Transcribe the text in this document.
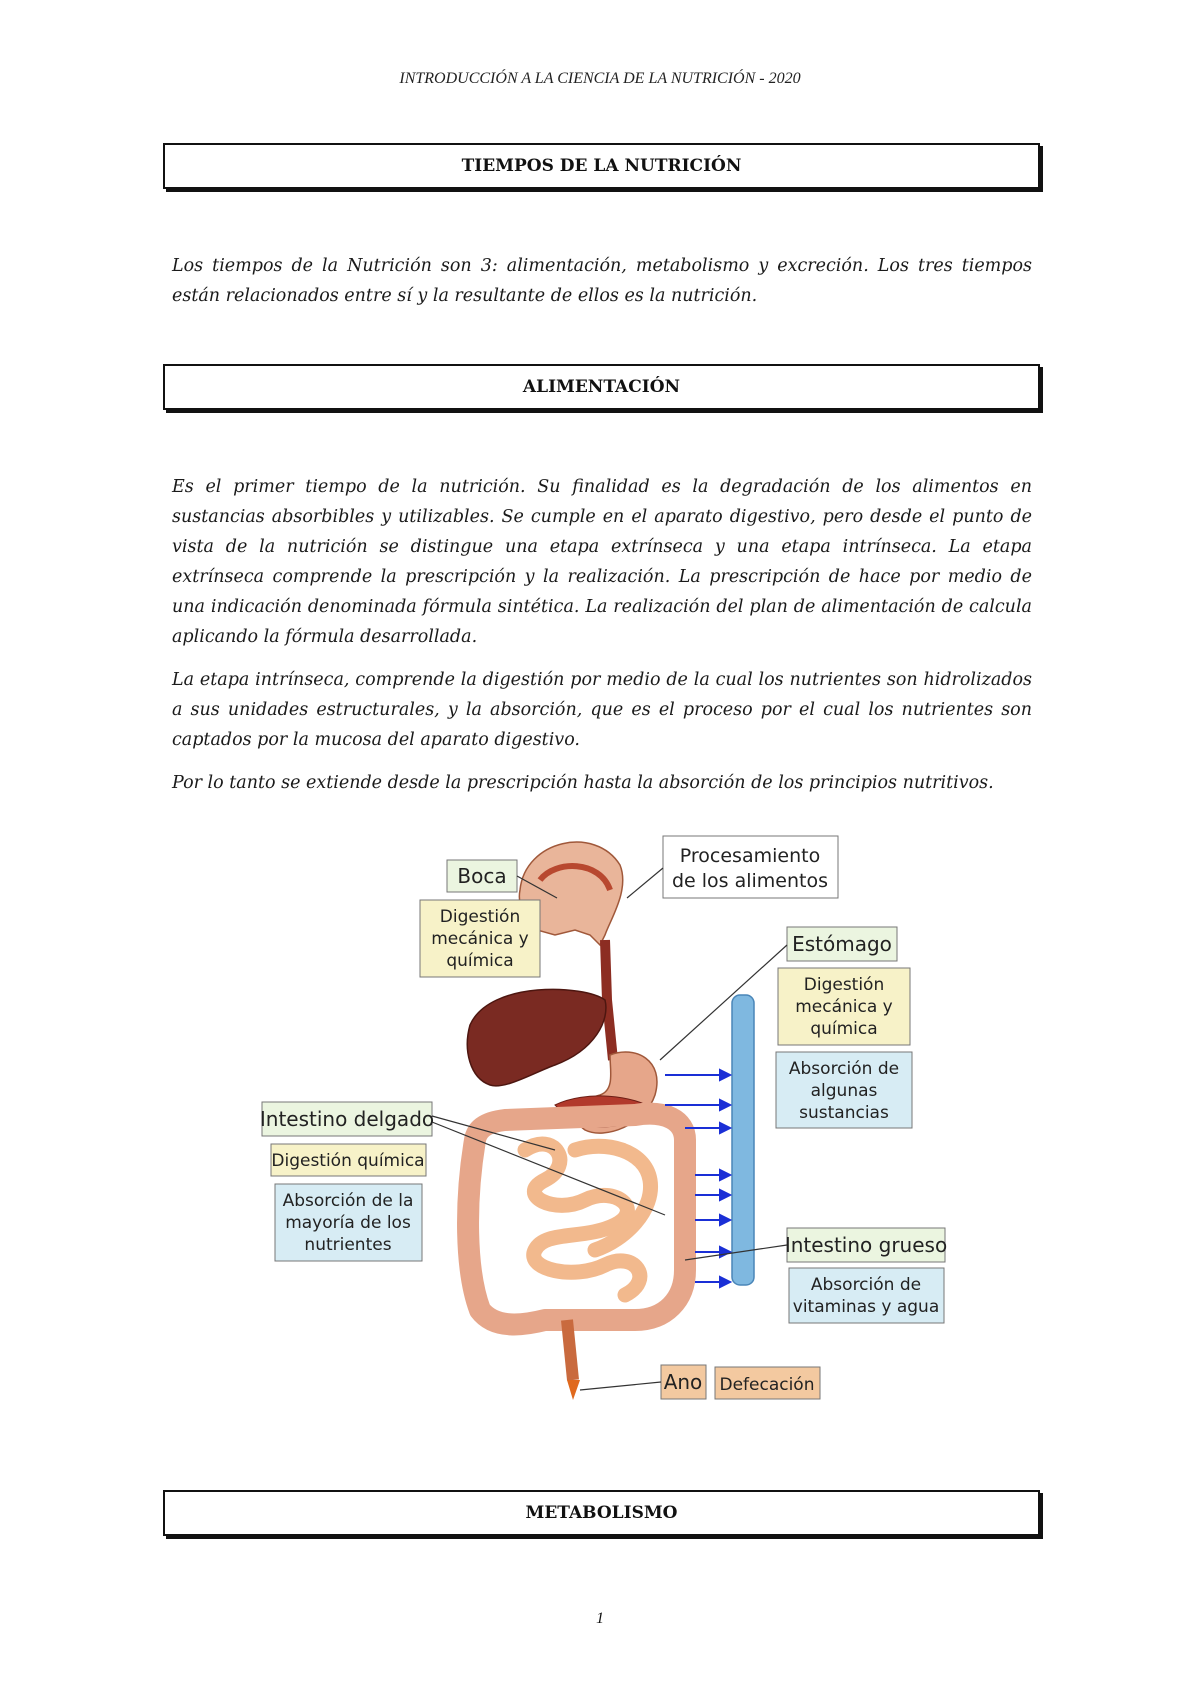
INTRODUCCIÓN A LA CIENCIA DE LA NUTRICIÓN - 2020
TIEMPOS DE LA NUTRICIÓN

Los tiempos de la Nutrición son 3: alimentación, metabolismo y excreción. Los tres tiempos están relacionados entre sí y la resultante de ellos es la nutrición.

ALIMENTACIÓN

Es el primer tiempo de la nutrición. Su finalidad es la degradación de los alimentos en sustancias absorbibles y utilizables. Se cumple en el aparato digestivo, pero desde el punto de vista de la nutrición se distingue una etapa extrínseca y una etapa intrínseca. La etapa extrínseca comprende la prescripción y la realización. La prescripción de hace por medio de una indicación denominada fórmula sintética. La realización del plan de alimentación de calcula aplicando la fórmula desarrollada.

La etapa intrínseca, comprende la digestión por medio de la cual los nutrientes son hidrolizados a sus unidades estructurales, y la absorción, que es el proceso por el cual los nutrientes son captados por la mucosa del aparato digestivo.

Por lo tanto se extiende desde la prescripción hasta la absorción de los principios nutritivos.

Boca
Digestión
mecánica y
química
Procesamiento
de los alimentos
Estómago
Digestión
mecánica y
química
Absorción de
algunas
sustancias
Intestino delgado
Digestión química
Absorción de la
mayoría de los
nutrientes	Intestino grueso
Absorción de
vitaminas y agua
Ano Defecación
METABOLISMO
1
